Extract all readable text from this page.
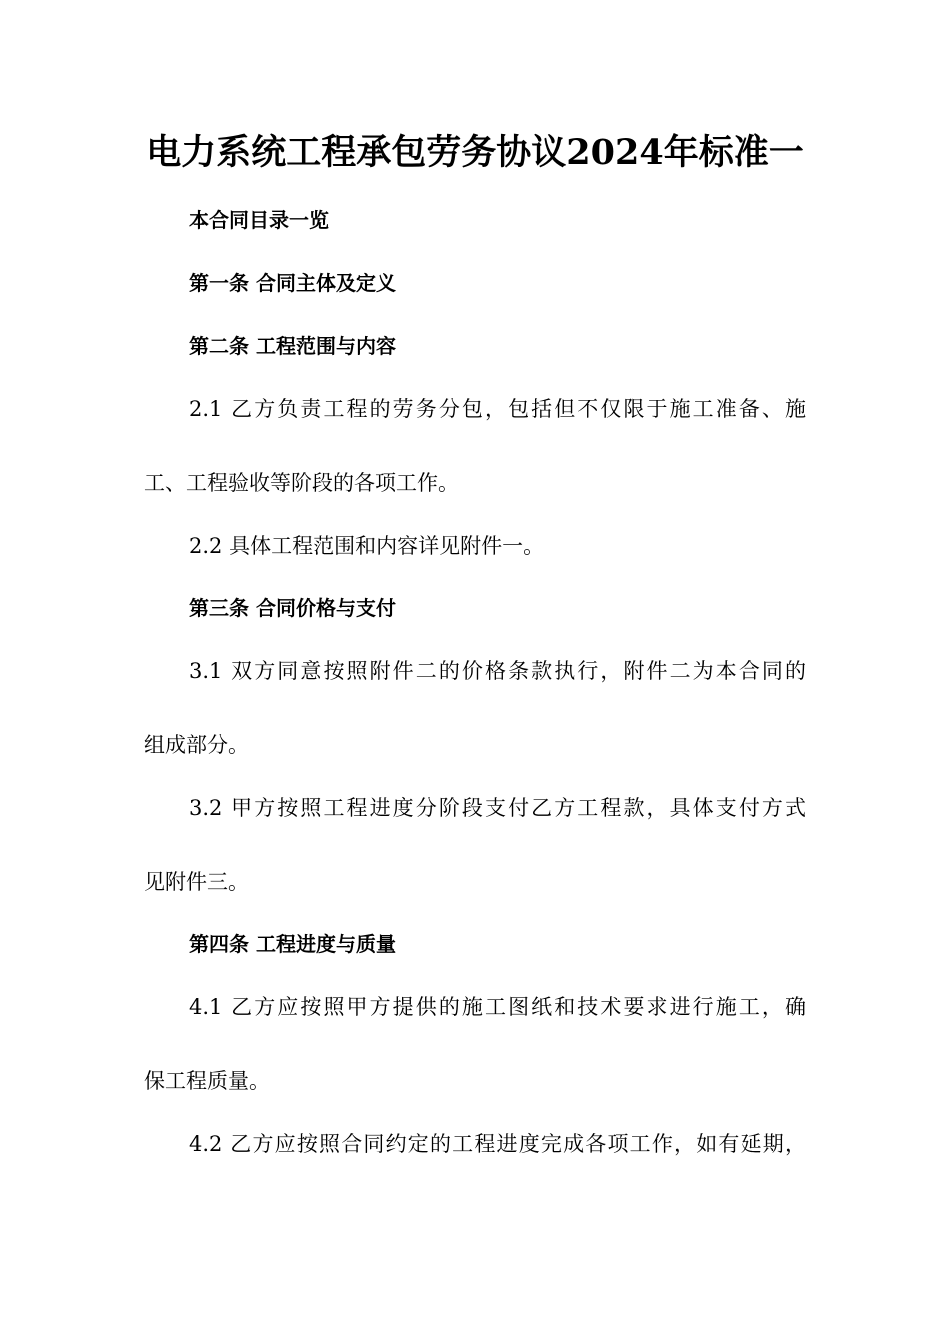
电力系统工程承包劳务协议2024年标准一
本合同目录一览
第一条 合同主体及定义
第二条 工程范围与内容
2.1 乙方负责工程的劳务分包，包括但不仅限于施工准备、施
工、工程验收等阶段的各项工作。
2.2 具体工程范围和内容详见附件一。
第三条 合同价格与支付
3.1 双方同意按照附件二的价格条款执行，附件二为本合同的
组成部分。
3.2 甲方按照工程进度分阶段支付乙方工程款，具体支付方式
见附件三。
第四条 工程进度与质量
4.1 乙方应按照甲方提供的施工图纸和技术要求进行施工，确
保工程质量。
4.2 乙方应按照合同约定的工程进度完成各项工作，如有延期，
